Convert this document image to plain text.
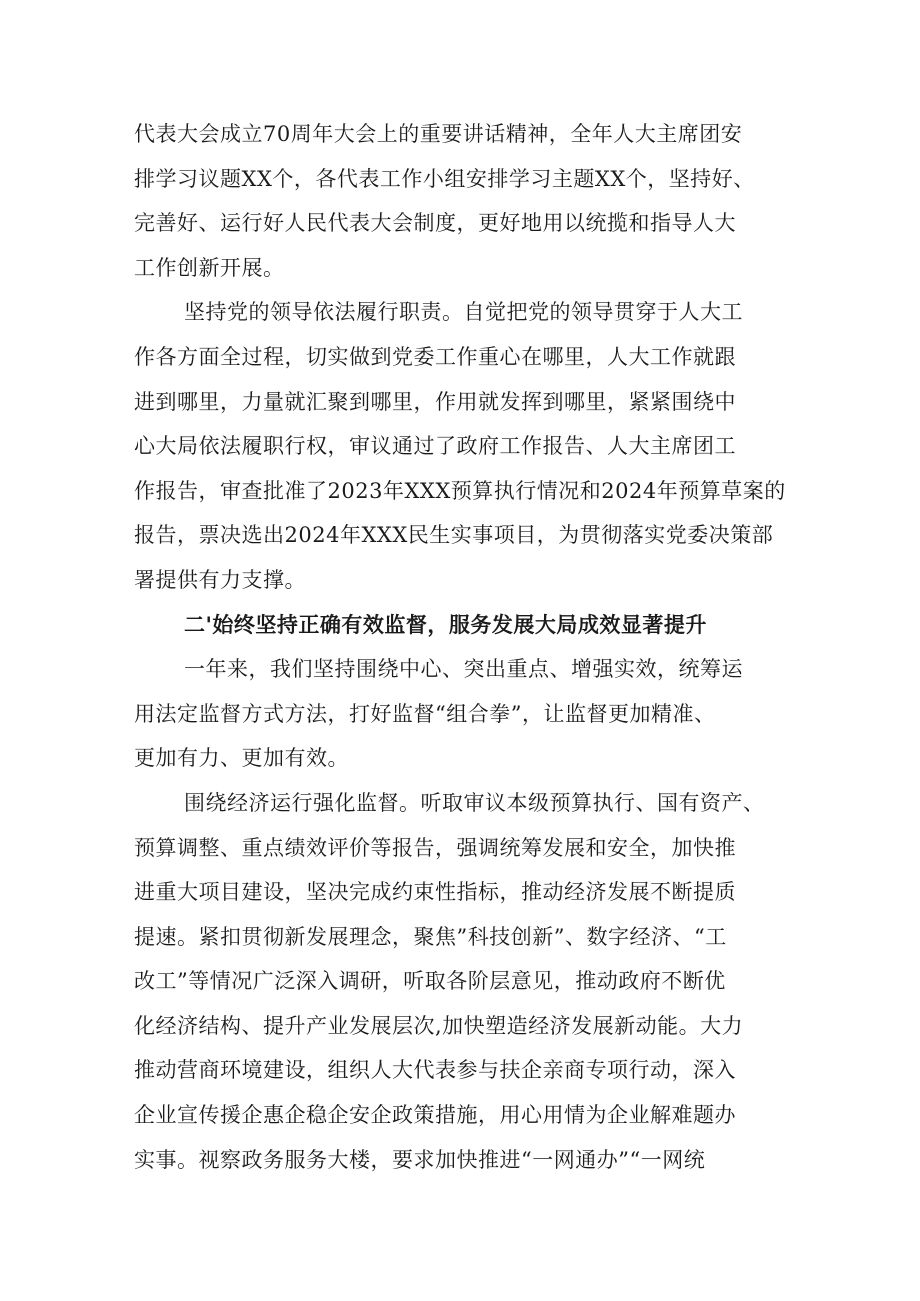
代表大会成立70周年大会上的重要讲话精神，全年人大主席团安
排学习议题XX个，各代表工作小组安排学习主题XX个，坚持好、
完善好、运行好人民代表大会制度，更好地用以统揽和指导人大
工作创新开展。

坚持党的领导依法履行职责。自觉把党的领导贯穿于人大工
作各方面全过程，切实做到党委工作重心在哪里，人大工作就跟
进到哪里，力量就汇聚到哪里，作用就发挥到哪里，紧紧围绕中
心大局依法履职行权，审议通过了政府工作报告、人大主席团工
作报告，审查批准了2023年XXX预算执行情况和2024年预算草案的
报告，票决选出2024年XXX民生实事项目，为贯彻落实党委决策部
署提供有力支撑。

二'始终坚持正确有效监督，服务发展大局成效显著提升

一年来，我们坚持围绕中心、突出重点、增强实效，统筹运
用法定监督方式方法，打好监督“组合拳”，让监督更加精准、
更加有力、更加有效。

围绕经济运行强化监督。听取审议本级预算执行、国有资产、
预算调整、重点绩效评价等报告，强调统筹发展和安全，加快推
进重大项目建设，坚决完成约束性指标，推动经济发展不断提质
提速。紧扣贯彻新发展理念，聚焦”科技创新”、数字经济、“工
改工”等情况广泛深入调研，听取各阶层意见，推动政府不断优
化经济结构、提升产业发展层次,加快塑造经济发展新动能。大力
推动营商环境建设，组织人大代表参与扶企亲商专项行动，深入
企业宣传援企惠企稳企安企政策措施，用心用情为企业解难题办
实事。视察政务服务大楼，要求加快推进“一网通办”“一网统
